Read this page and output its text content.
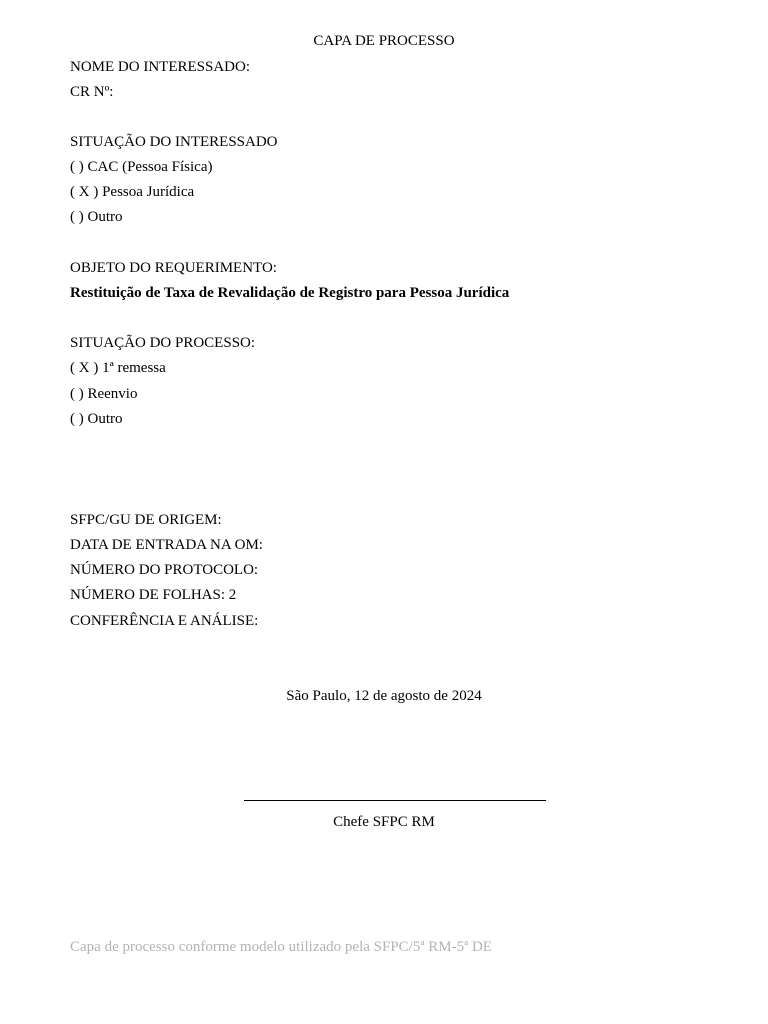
CAPA DE PROCESSO
NOME DO INTERESSADO:
CR Nº:
SITUAÇÃO DO INTERESSADO
( ) CAC (Pessoa Física)
( X ) Pessoa Jurídica
( ) Outro
OBJETO DO REQUERIMENTO:
Restituição de Taxa de Revalidação de Registro para Pessoa Jurídica
SITUAÇÃO DO PROCESSO:
( X ) 1ª remessa
( ) Reenvio
( ) Outro
SFPC/GU DE ORIGEM:
DATA DE ENTRADA NA OM:
NÚMERO DO PROTOCOLO:
NÚMERO DE FOLHAS: 2
CONFERÊNCIA E ANÁLISE:
São Paulo, 12 de agosto de 2024
Chefe SFPC RM
Capa de processo conforme modelo utilizado pela SFPC/5ª RM-5ª DE
